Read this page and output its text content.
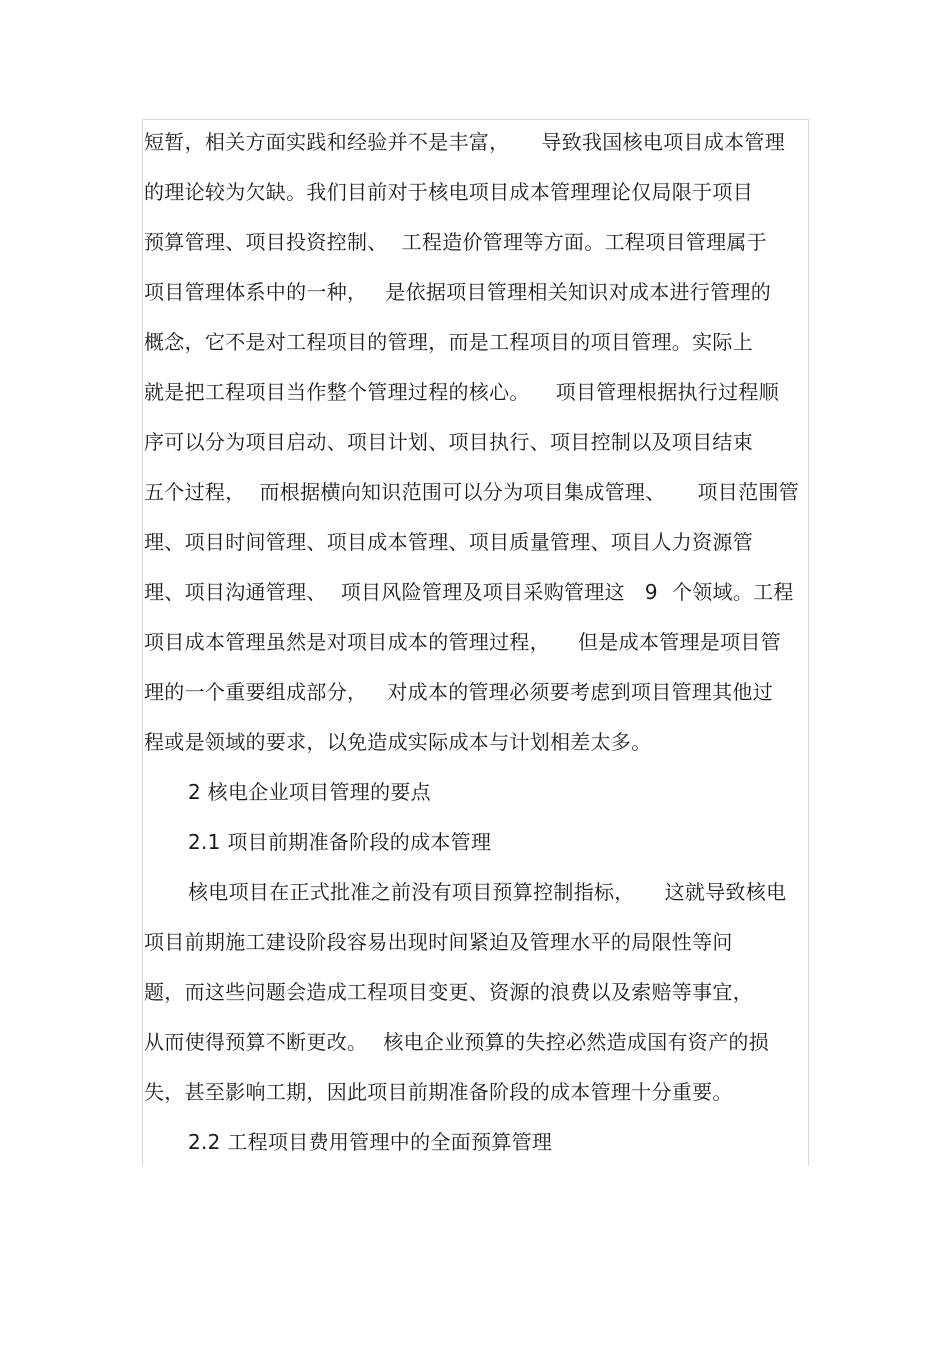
短暂，相关方面实践和经验并不是丰富， 导致我国核电项目成本管理
的理论较为欠缺。我们目前对于核电项目成本管理理论仅局限于项目
预算管理、项目投资控制、 工程造价管理等方面。工程项目管理属于
项目管理体系中的一种， 是依据项目管理相关知识对成本进行管理的
概念，它不是对工程项目的管理，而是工程项目的项目管理。实际上
就是把工程项目当作整个管理过程的核心。 项目管理根据执行过程顺
序可以分为项目启动、项目计划、项目执行、项目控制以及项目结束
五个过程， 而根据横向知识范围可以分为项目集成管理、 项目范围管
理、项目时间管理、项目成本管理、项目质量管理、项目人力资源管
理、项目沟通管理、 项目风险管理及项目采购管理这 9 个领域。工程
项目成本管理虽然是对项目成本的管理过程， 但是成本管理是项目管
理的一个重要组成部分， 对成本的管理必须要考虑到项目管理其他过
程或是领域的要求，以免造成实际成本与计划相差太多。
2 核电企业项目管理的要点
2.1 项目前期准备阶段的成本管理
核电项目在正式批准之前没有项目预算控制指标， 这就导致核电
项目前期施工建设阶段容易出现时间紧迫及管理水平的局限性等问
题，而这些问题会造成工程项目变更、资源的浪费以及索赔等事宜，
从而使得预算不断更改。 核电企业预算的失控必然造成国有资产的损
失，甚至影响工期，因此项目前期准备阶段的成本管理十分重要。
2.2 工程项目费用管理中的全面预算管理
